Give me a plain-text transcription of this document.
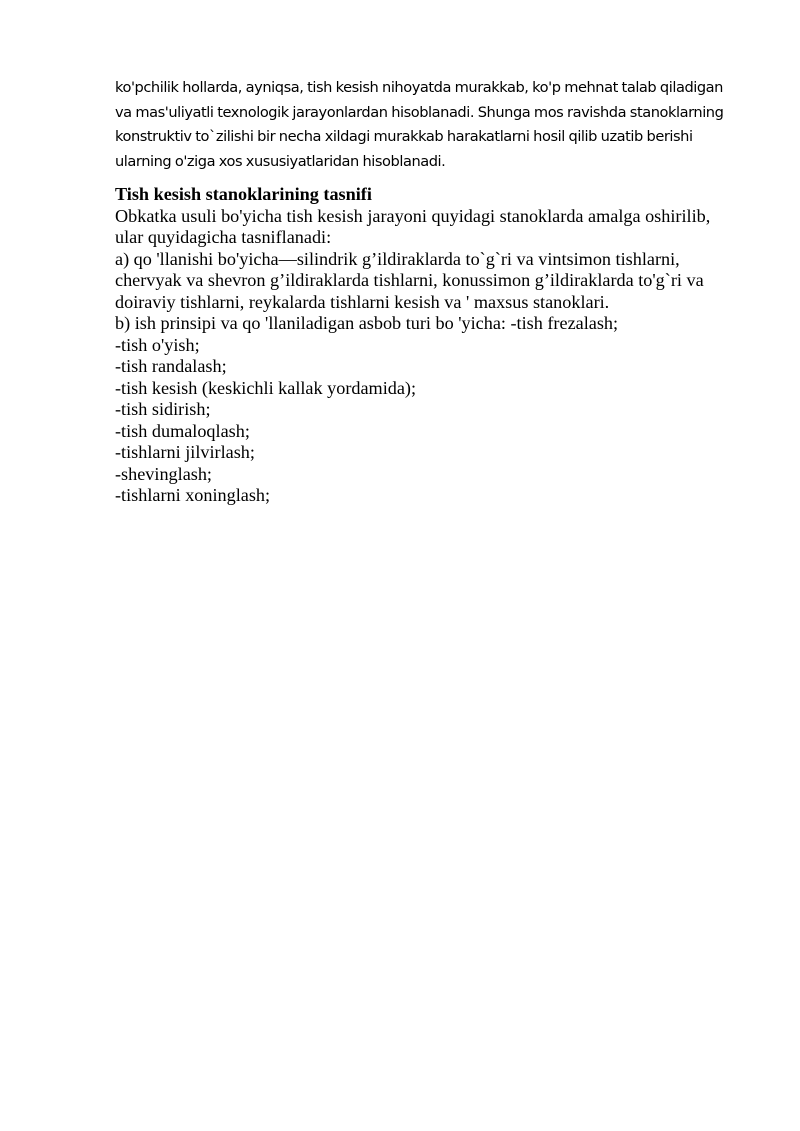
ko'pchilik hollarda, ayniqsa, tish kesish nihoyatda murakkab, ko'p mehnat talab qiladigan va mas'uliyatli texnologik jarayonlardan hisoblanadi. Shunga mos ravishda stanoklarning konstruktiv to`zilishi bir necha xildagi murakkab harakatlarni hosil qilib uzatib berishi ularning o'ziga xos xususiyatlaridan hisoblanadi.

Tish kesish stanoklarining tasnifi

Obkatka usuli bo'yicha tish kesish jarayoni quyidagi stanoklarda amalga oshirilib, ular quyidagicha tasniflanadi:

a) qo 'llanishi bo'yicha—silindrik g’ildiraklarda to`g`ri va vintsimon tishlarni, chervyak va shevron g’ildiraklarda tishlarni, konussimon g’ildiraklarda to'g`ri va doiraviy tishlarni, reykalarda tishlarni kesish va ' maxsus stanoklari.

b) ish prinsipi va qo 'llaniladigan asbob turi bo 'yicha: -tish frezalash;

-tish o'yish;
-tish randalash;
-tish kesish (keskichli kallak yordamida);
-tish sidirish;
-tish dumaloqlash;
-tishlarni jilvirlash;
-shevinglash;
-tishlarni xoninglash;
